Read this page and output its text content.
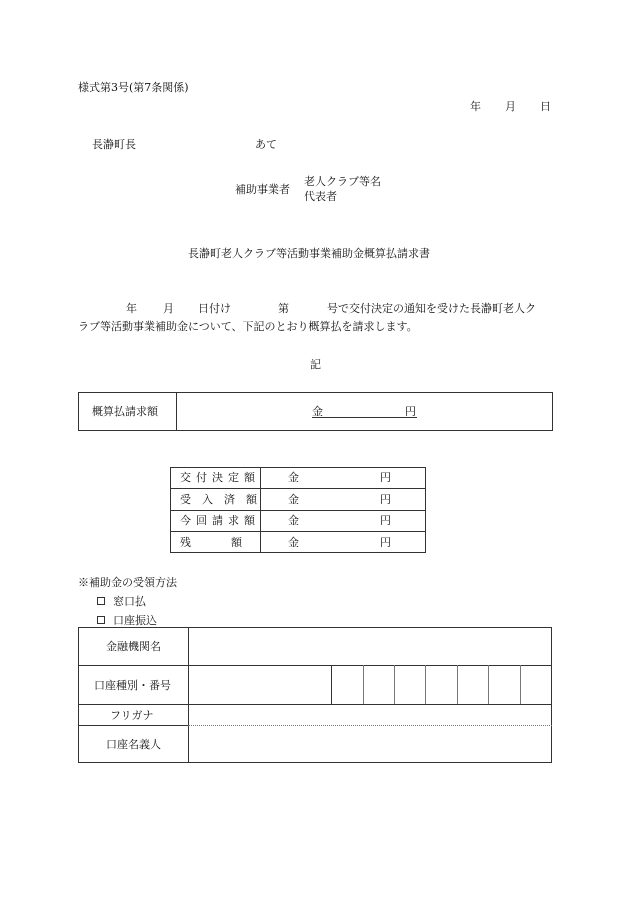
様式第3号(第7条関係)
年 月 日
長瀞町長	あて
補助事業者
老人クラブ等名
代表者
長瀞町老人クラブ等活動事業補助金概算払請求書
年 月 日付け	第	号で交付決定の通知を受けた長瀞町老人ク
ラブ等活動事業補助金について、下記のとおり概算払を請求します。
記
概算払請求額	金	円
交付決定額	金	円
受入済額 金	円
今回請求額	金	円
残額 金	円
※補助金の受領方法
窓口払
口座振込
金融機関名
口座種別・番号
フリガナ
口座名義人
